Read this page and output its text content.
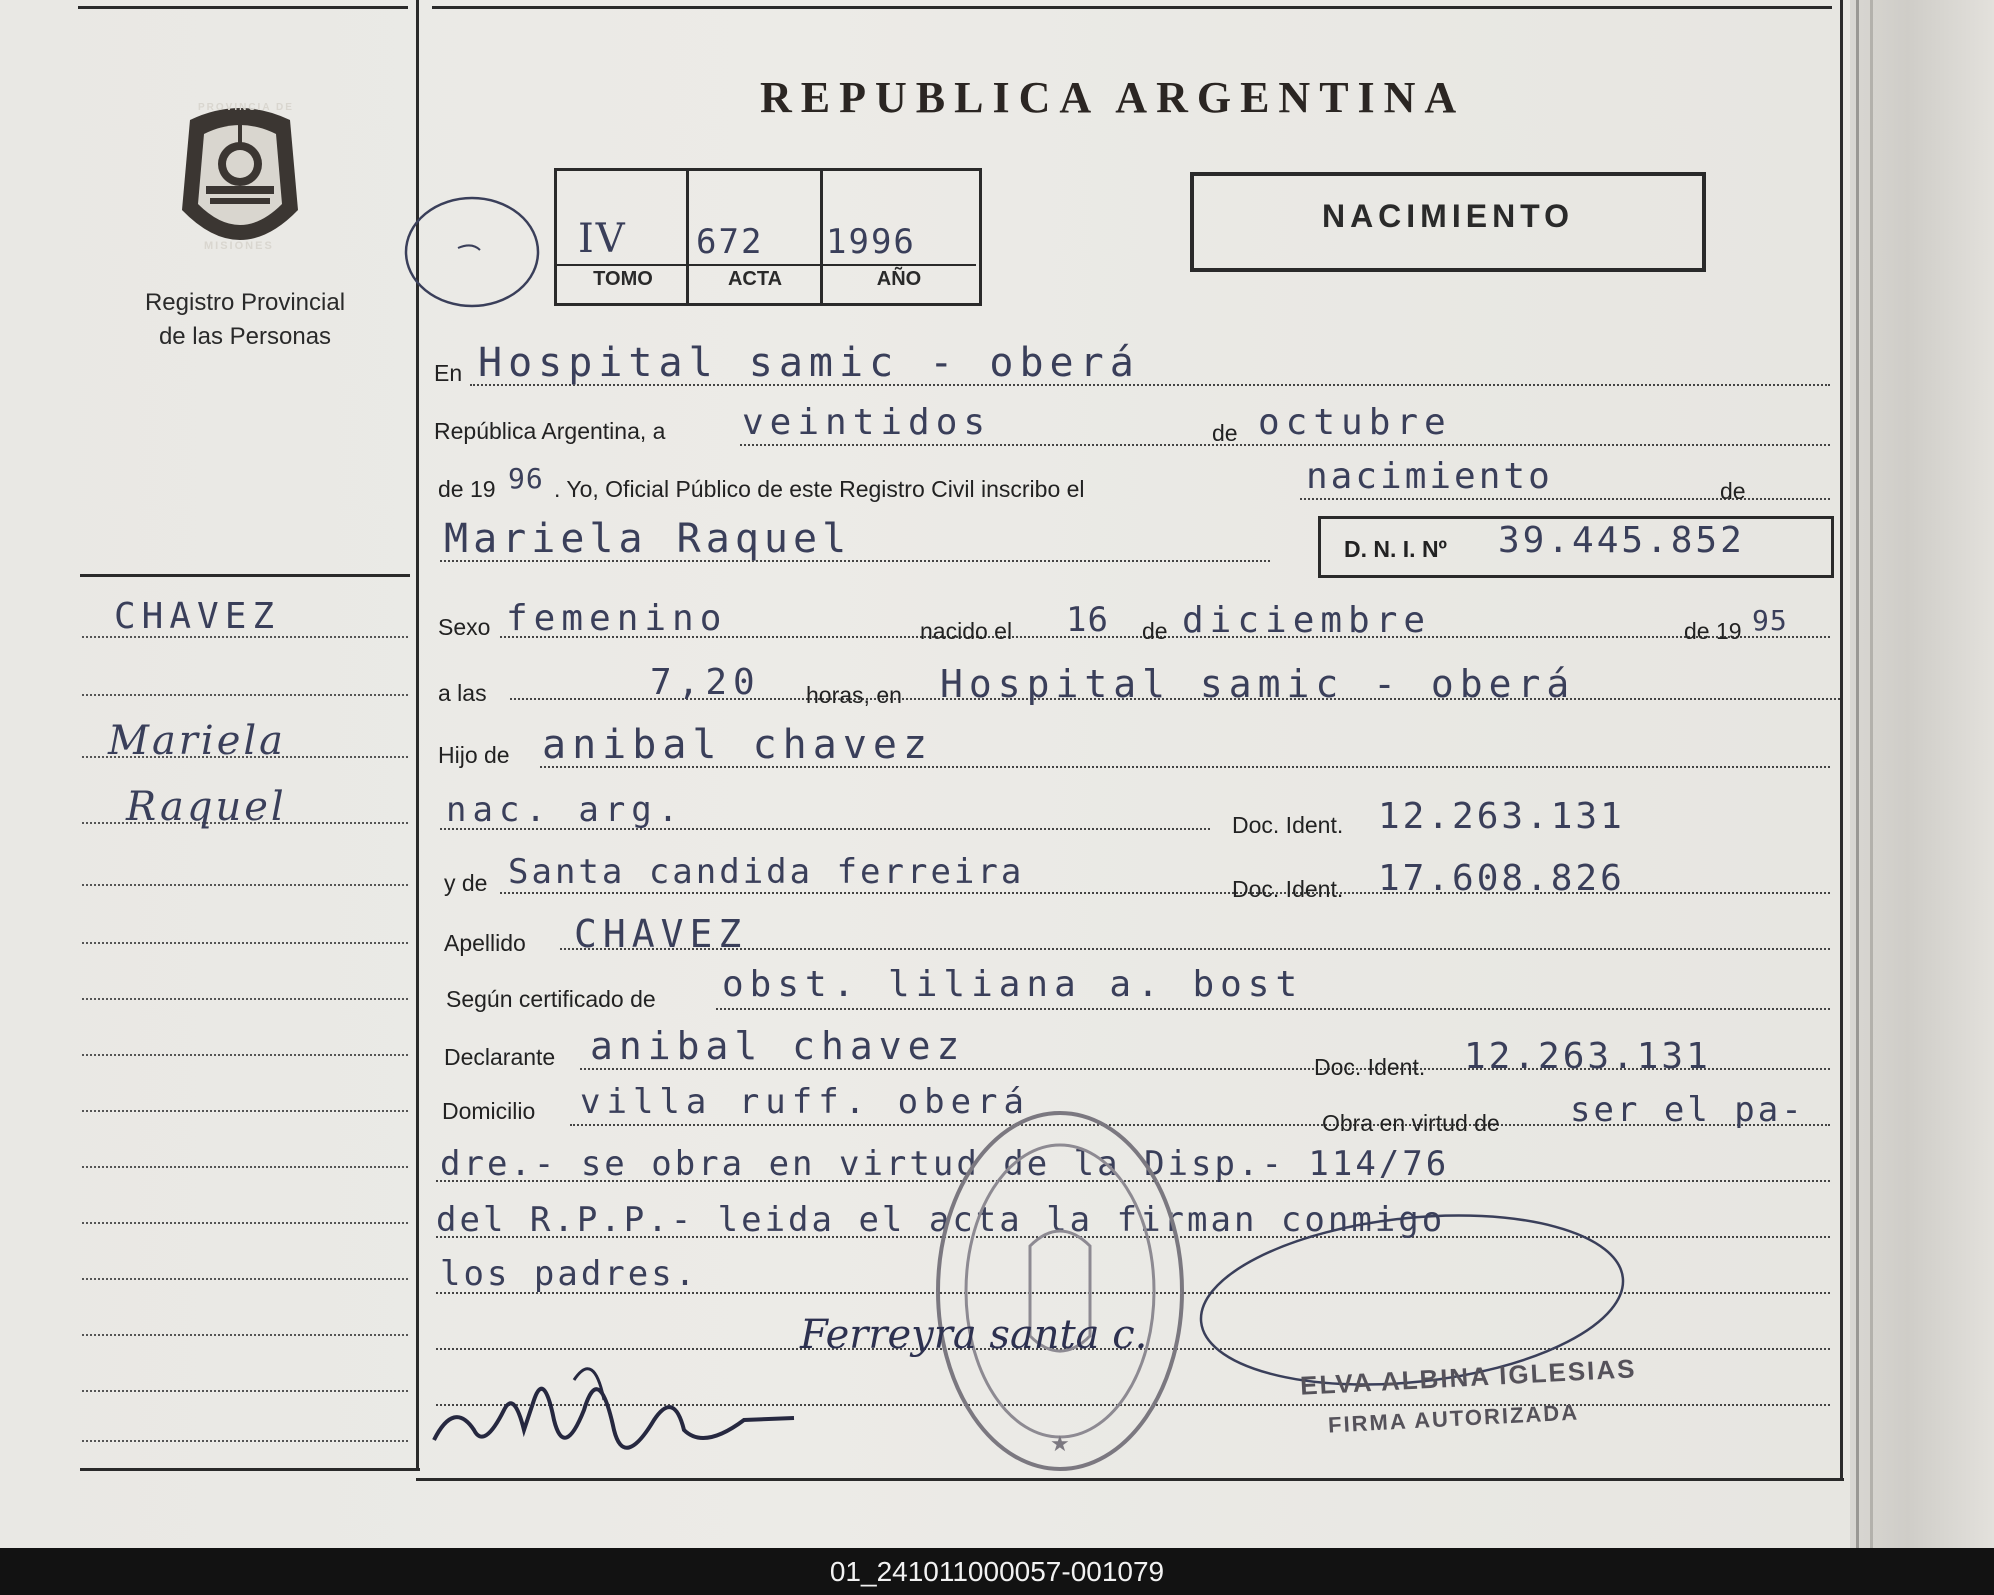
PROVINCIA DE
MISIONES
Registro Provincial
de las Personas
REPUBLICA ARGENTINA
IV 672 1996
TOMO	ACTA	AÑO
NACIMIENTO
CHAVEZ
Mariela
Raquel
En Hospital samic - oberá
República Argentina, a veintidos	de octubre
de 19 96 . Yo, Oficial Público de este Registro Civil inscribo el	nacimiento	de
Mariela Raquel	D. N. I. Nº 39.445.852
Sexo femenino	nacido el 16 de diciembre	de 19 95
a las	7,20 horas, en Hospital samic - oberá
Hijo de anibal chavez
nac. arg.	Doc. Ident. 12.263.131
y de Santa candida ferreira	Doc. Ident. 17.608.826
Apellido CHAVEZ
Según certificado de obst. liliana a. bost
Declarante anibal chavez	Doc. Ident. 12.263.131
Domicilio villa ruff. oberá
Obra en virtud de ser el pa-
dre.- se obra en virtud de la Disp.- 114/76
del R.P.P.- leida el acta la firman conmigo
los padres.
★
Ferreyra santa c.
ELVA ALBINA IGLESIAS
FIRMA AUTORIZADA
01_241011000057-001079
